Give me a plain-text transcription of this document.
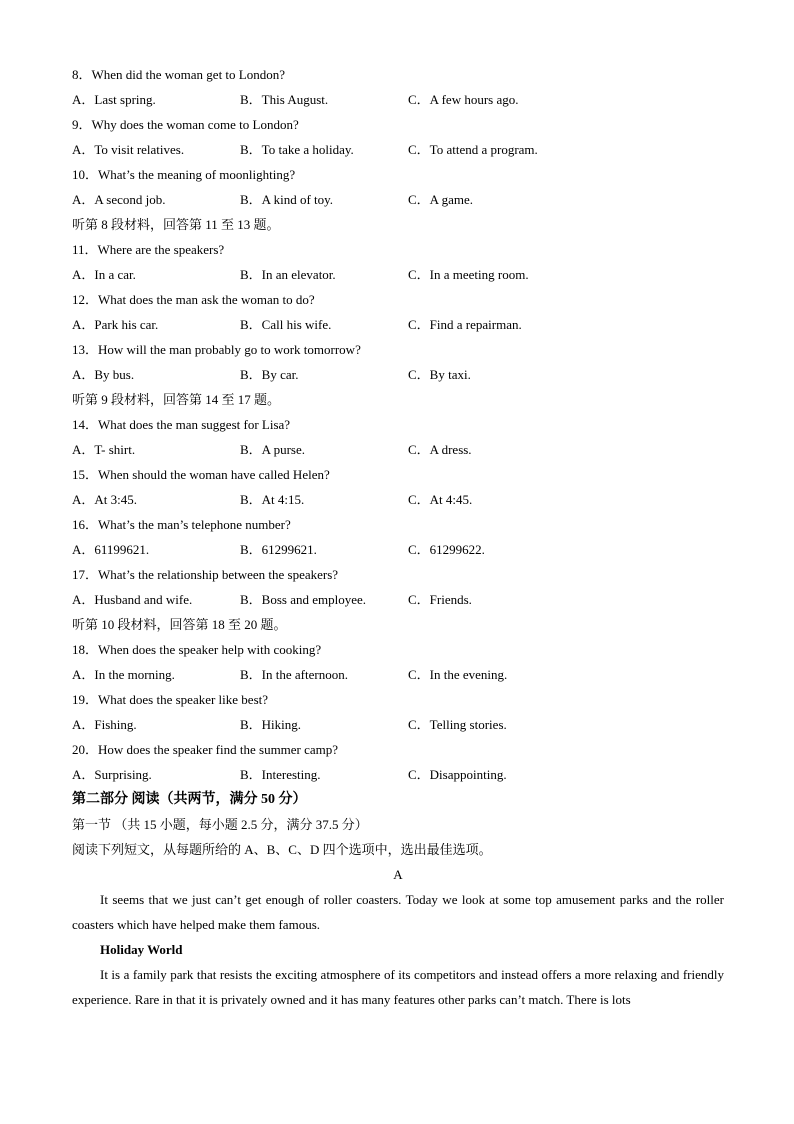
8．When did the woman get to London?
A．Last spring.	B．This August.	C．A few hours ago.
9．Why does the woman come to London?
A．To visit relatives.	B．To take a holiday.	C．To attend a program.
10．What’s the meaning of moonlighting?
A．A second job.	B．A kind of toy.	C．A game.
听第 8 段材料，回答第 11 至 13 题。
11．Where are the speakers?
A．In a car.	B．In an elevator.	C．In a meeting room.
12．What does the man ask the woman to do?
A．Park his car.	B．Call his wife.	C．Find a repairman.
13．How will the man probably go to work tomorrow?
A．By bus.	B．By car.	C．By taxi.
听第 9 段材料，回答第 14 至 17 题。
14．What does the man suggest for Lisa?
A．T- shirt.	B．A purse.	C．A dress.
15．When should the woman have called Helen?
A．At 3:45.	B．At 4:15.	C．At 4:45.
16．What’s the man’s telephone number?
A．61199621.	B．61299621.	C．61299622.
17．What’s the relationship between the speakers?
A．Husband and wife.	B．Boss and employee.	C．Friends.
听第 10 段材料，回答第 18 至 20 题。
18．When does the speaker help with cooking?
A．In the morning.	B．In the afternoon.	C．In the evening.
19．What does the speaker like best?
A．Fishing.	B．Hiking.	C．Telling stories.
20．How does the speaker find the summer camp?
A．Surprising.	B．Interesting.	C．Disappointing.
第二部分 阅读（共两节，满分 50 分）
第一节 （共 15 小题，每小题 2.5 分，满分 37.5 分）
阅读下列短文，从每题所给的 A、B、C、D 四个选项中，选出最佳选项。
A
It seems that we just can’t get enough of roller coasters. Today we look at some top amusement parks and the roller coasters which have helped make them famous.
Holiday World
It is a family park that resists the exciting atmosphere of its competitors and instead offers a more relaxing and friendly experience. Rare in that it is privately owned and it has many features other parks can’t match. There is lots
